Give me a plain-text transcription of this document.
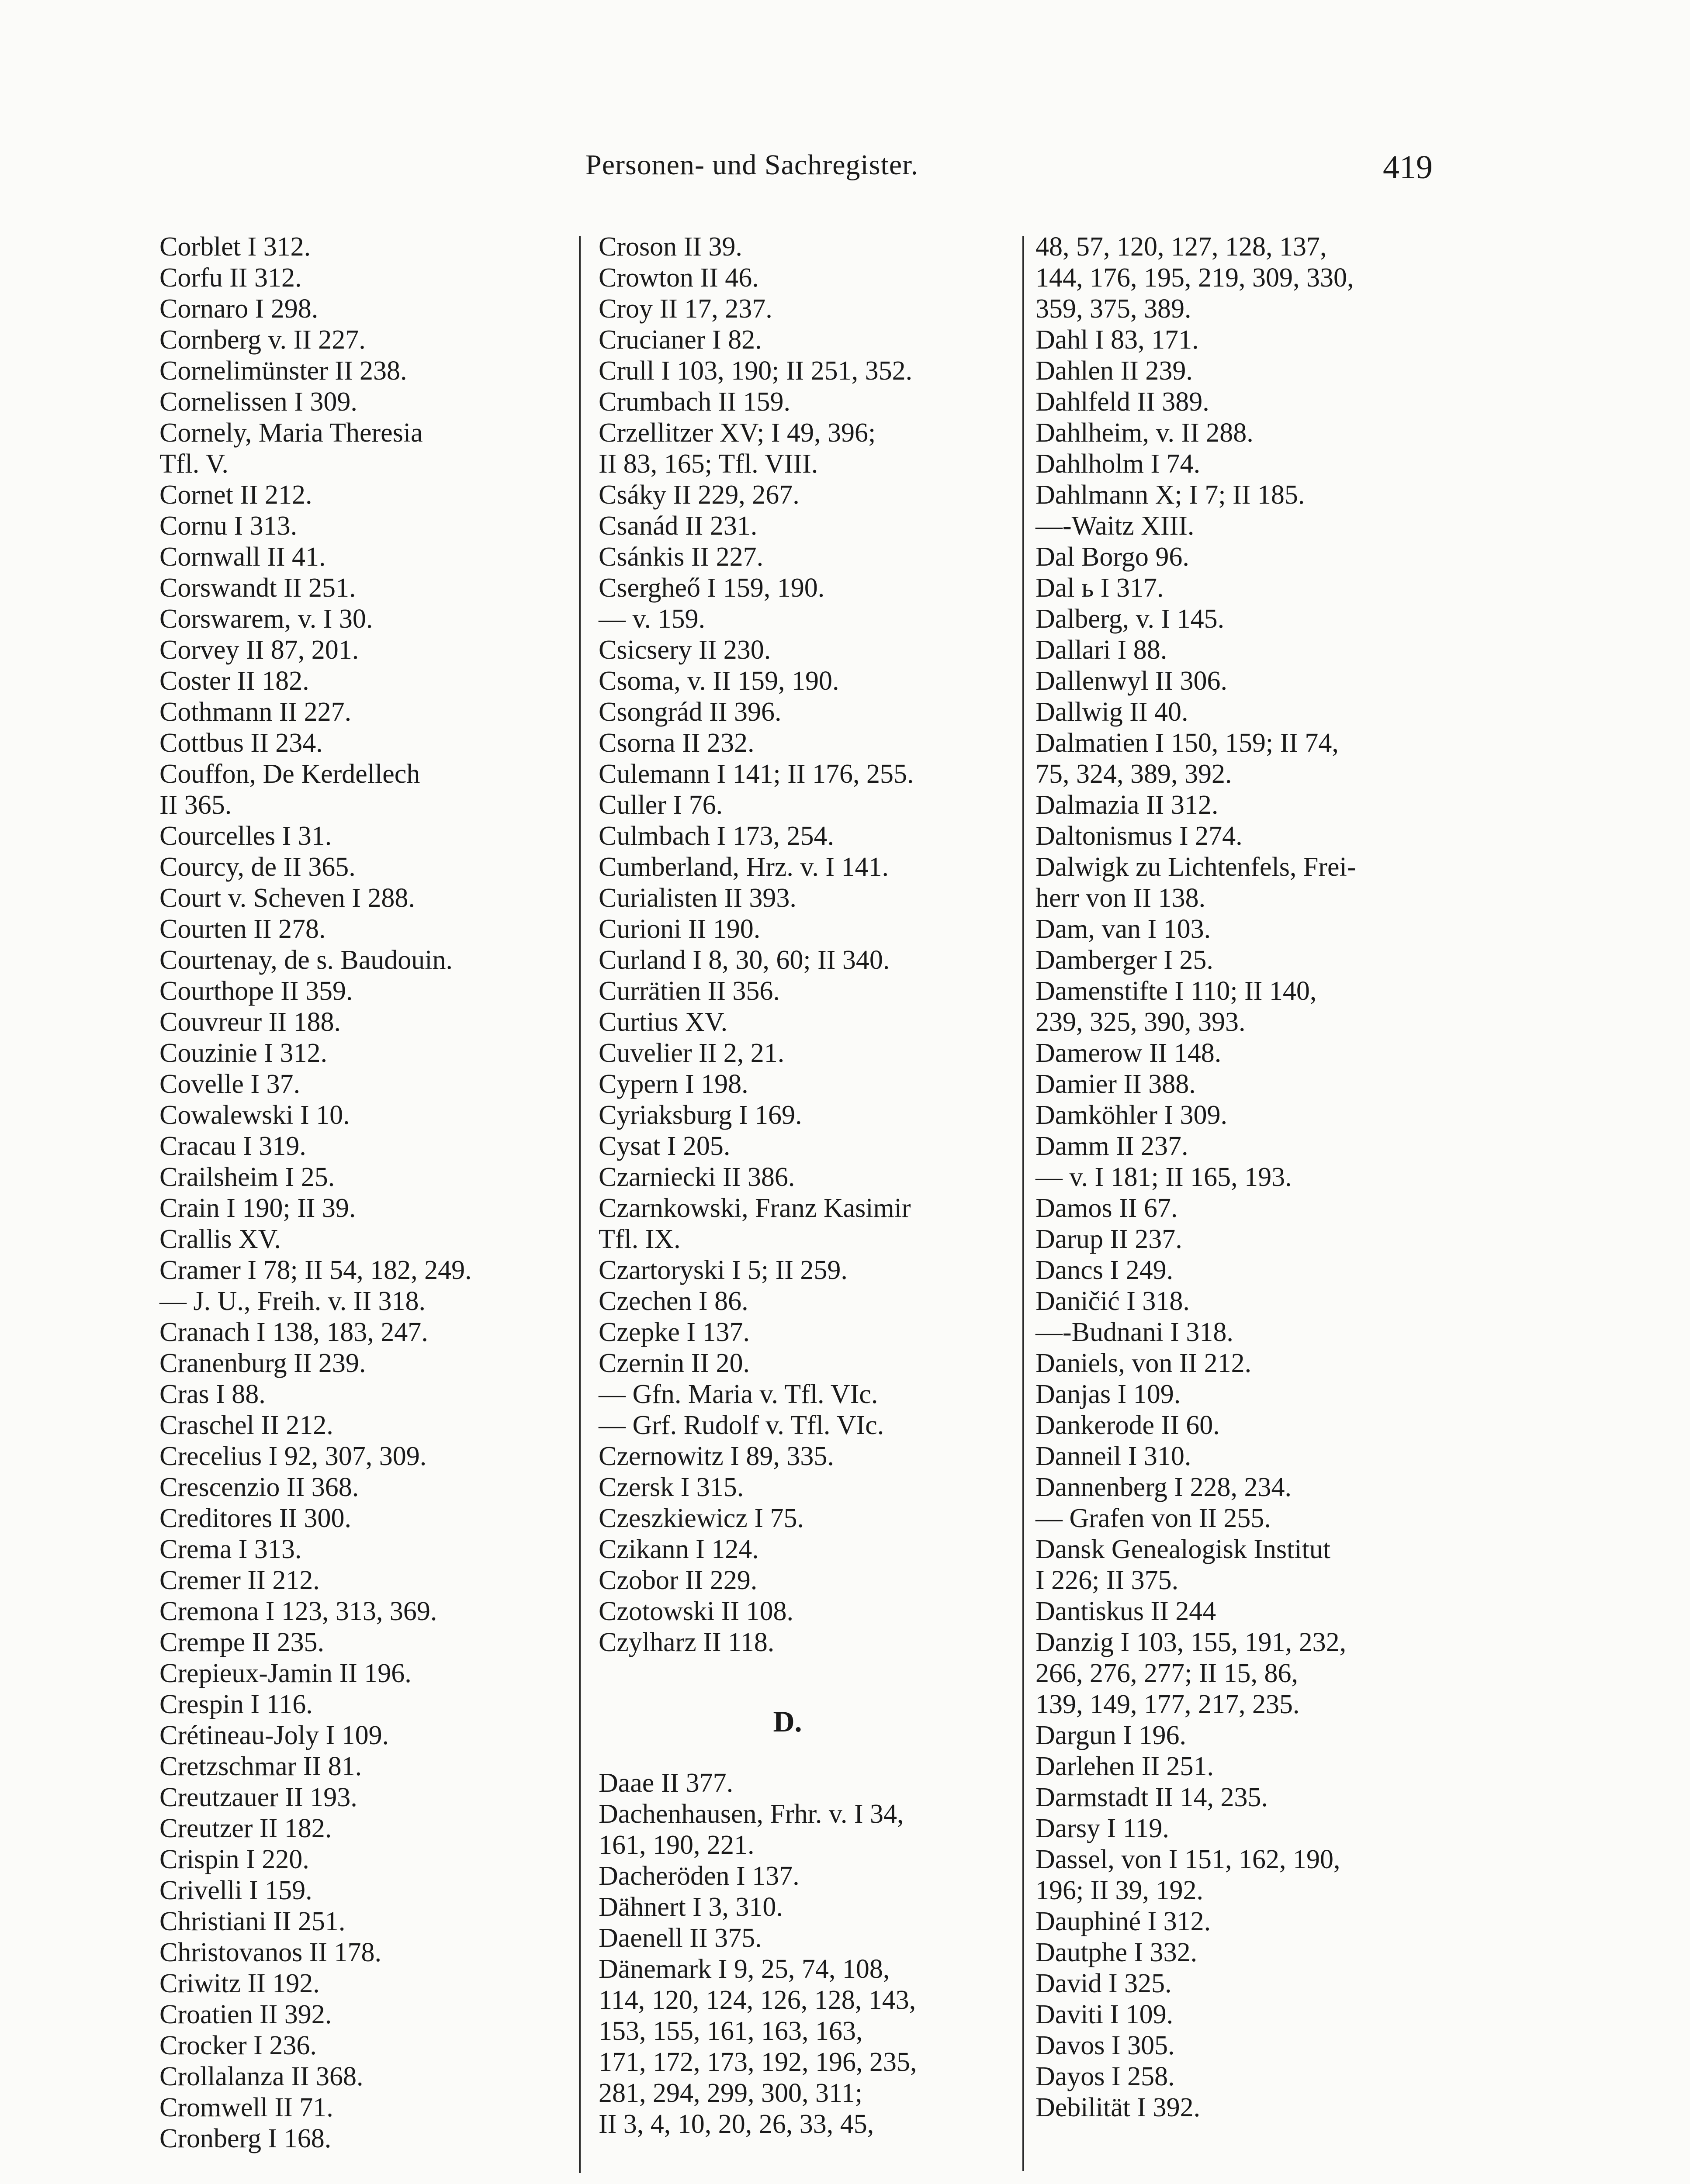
Personen- und Sachregister.	419
Corblet I 312.
Corfu II 312.
Cornaro I 298.
Cornberg v. II 227.
Cornelimünster II 238.
Cornelissen I 309.
Cornely, Maria Theresia
Tfl. V.
Cornet II 212.
Cornu I 313.
Cornwall II 41.
Corswandt II 251.
Corswarem, v. I 30.
Corvey II 87, 201.
Coster II 182.
Cothmann II 227.
Cottbus II 234.
Couffon, De Kerdellech
II 365.
Courcelles I 31.
Courcy, de II 365.
Court v. Scheven I 288.
Courten II 278.
Courtenay, de s. Baudouin.
Courthope II 359.
Couvreur II 188.
Couzinie I 312.
Covelle I 37.
Cowalewski I 10.
Cracau I 319.
Crailsheim I 25.
Crain I 190; II 39.
Crallis XV.
Cramer I 78; II 54, 182, 249.
— J. U., Freih. v. II 318.
Cranach I 138, 183, 247.
Cranenburg II 239.
Cras I 88.
Craschel II 212.
Crecelius I 92, 307, 309.
Crescenzio II 368.
Creditores II 300.
Crema I 313.
Cremer II 212.
Cremona I 123, 313, 369.
Crempe II 235.
Crepieux-Jamin II 196.
Crespin I 116.
Crétineau-Joly I 109.
Cretzschmar II 81.
Creutzauer II 193.
Creutzer II 182.
Crispin I 220.
Crivelli I 159.
Christiani II 251.
Christovanos II 178.
Criwitz II 192.
Croatien II 392.
Crocker I 236.
Crollalanza II 368.
Cromwell II 71.
Cronberg I 168.
Croson II 39.
Crowton II 46.
Croy II 17, 237.
Crucianer I 82.
Crull I 103, 190; II 251, 352.
Crumbach II 159.
Crzellitzer XV; I 49, 396;
II 83, 165; Tfl. VIII.
Csáky II 229, 267.
Csanád II 231.
Csánkis II 227.
Csergheő I 159, 190.
— v. 159.
Csicsery II 230.
Csoma, v. II 159, 190.
Csongrád II 396.
Csorna II 232.
Culemann I 141; II 176, 255.
Culler I 76.
Culmbach I 173, 254.
Cumberland, Hrz. v. I 141.
Curialisten II 393.
Curioni II 190.
Curland I 8, 30, 60; II 340.
Currätien II 356.
Curtius XV.
Cuvelier II 2, 21.
Cypern I 198.
Cyriaksburg I 169.
Cysat I 205.
Czarniecki II 386.
Czarnkowski, Franz Kasimir
Tfl. IX.
Czartoryski I 5; II 259.
Czechen I 86.
Czepke I 137.
Czernin II 20.
— Gfn. Maria v. Tfl. VIc.
— Grf. Rudolf v. Tfl. VIc.
Czernowitz I 89, 335.
Czersk I 315.
Czeszkiewicz I 75.
Czikann I 124.
Czobor II 229.
Czotowski II 108.
Czylharz II 118.
D.
Daae II 377.
Dachenhausen, Frhr. v. I 34,
161, 190, 221.
Dacheröden I 137.
Dähnert I 3, 310.
Daenell II 375.
Dänemark I 9, 25, 74, 108,
114, 120, 124, 126, 128, 143,
153, 155, 161, 163, 163,
171, 172, 173, 192, 196, 235,
281, 294, 299, 300, 311;
II 3, 4, 10, 20, 26, 33, 45,
48, 57, 120, 127, 128, 137,
144, 176, 195, 219, 309, 330,
359, 375, 389.
Dahl I 83, 171.
Dahlen II 239.
Dahlfeld II 389.
Dahlheim, v. II 288.
Dahlholm I 74.
Dahlmann X; I 7; II 185.
—-Waitz XIII.
Dal Borgo 96.
Dal ь I 317.
Dalberg, v. I 145.
Dallari I 88.
Dallenwyl II 306.
Dallwig II 40.
Dalmatien I 150, 159; II 74,
75, 324, 389, 392.
Dalmazia II 312.
Daltonismus I 274.
Dalwigk zu Lichtenfels, Frei-
herr von II 138.
Dam, van I 103.
Damberger I 25.
Damenstifte I 110; II 140,
239, 325, 390, 393.
Damerow II 148.
Damier II 388.
Damköhler I 309.
Damm II 237.
— v. I 181; II 165, 193.
Damos II 67.
Darup II 237.
Dancs I 249.
Daničić I 318.
—-Budnani I 318.
Daniels, von II 212.
Danjas I 109.
Dankerode II 60.
Danneil I 310.
Dannenberg I 228, 234.
— Grafen von II 255.
Dansk Genealogisk Institut
I 226; II 375.
Dantiskus II 244
Danzig I 103, 155, 191, 232,
266, 276, 277; II 15, 86,
139, 149, 177, 217, 235.
Dargun I 196.
Darlehen II 251.
Darmstadt II 14, 235.
Darsy I 119.
Dassel, von I 151, 162, 190,
196; II 39, 192.
Dauphiné I 312.
Dautphe I 332.
David I 325.
Daviti I 109.
Davos I 305.
Dayos I 258.
Debilität I 392.
